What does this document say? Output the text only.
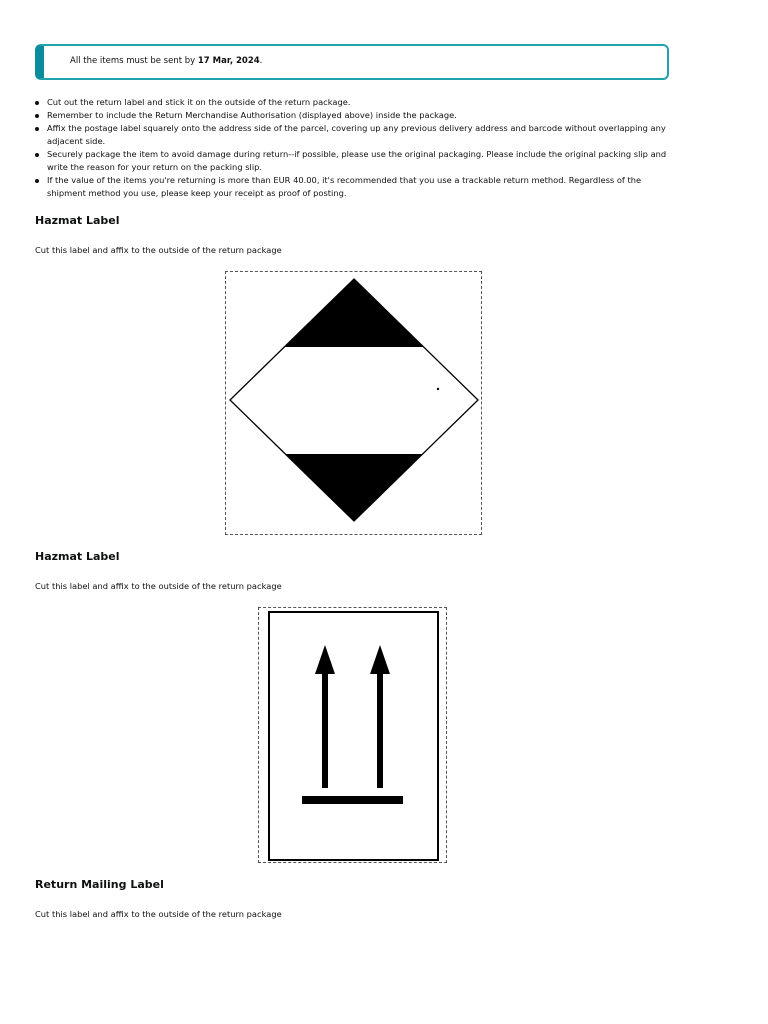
All the items must be sent by 17 Mar, 2024.
Cut out the return label and stick it on the outside of the return package.
Remember to include the Return Merchandise Authorisation (displayed above) inside the package.
Affix the postage label squarely onto the address side of the parcel, covering up any previous delivery address and barcode without overlapping any adjacent side.
Securely package the item to avoid damage during return--if possible, please use the original packaging. Please include the original packing slip and write the reason for your return on the packing slip.
If the value of the items you're returning is more than EUR 40.00, it's recommended that you use a trackable return method. Regardless of the shipment method you use, please keep your receipt as proof of posting.
Hazmat Label
Cut this label and affix to the outside of the return package
Hazmat Label
Cut this label and affix to the outside of the return package
Return Mailing Label
Cut this label and affix to the outside of the return package
